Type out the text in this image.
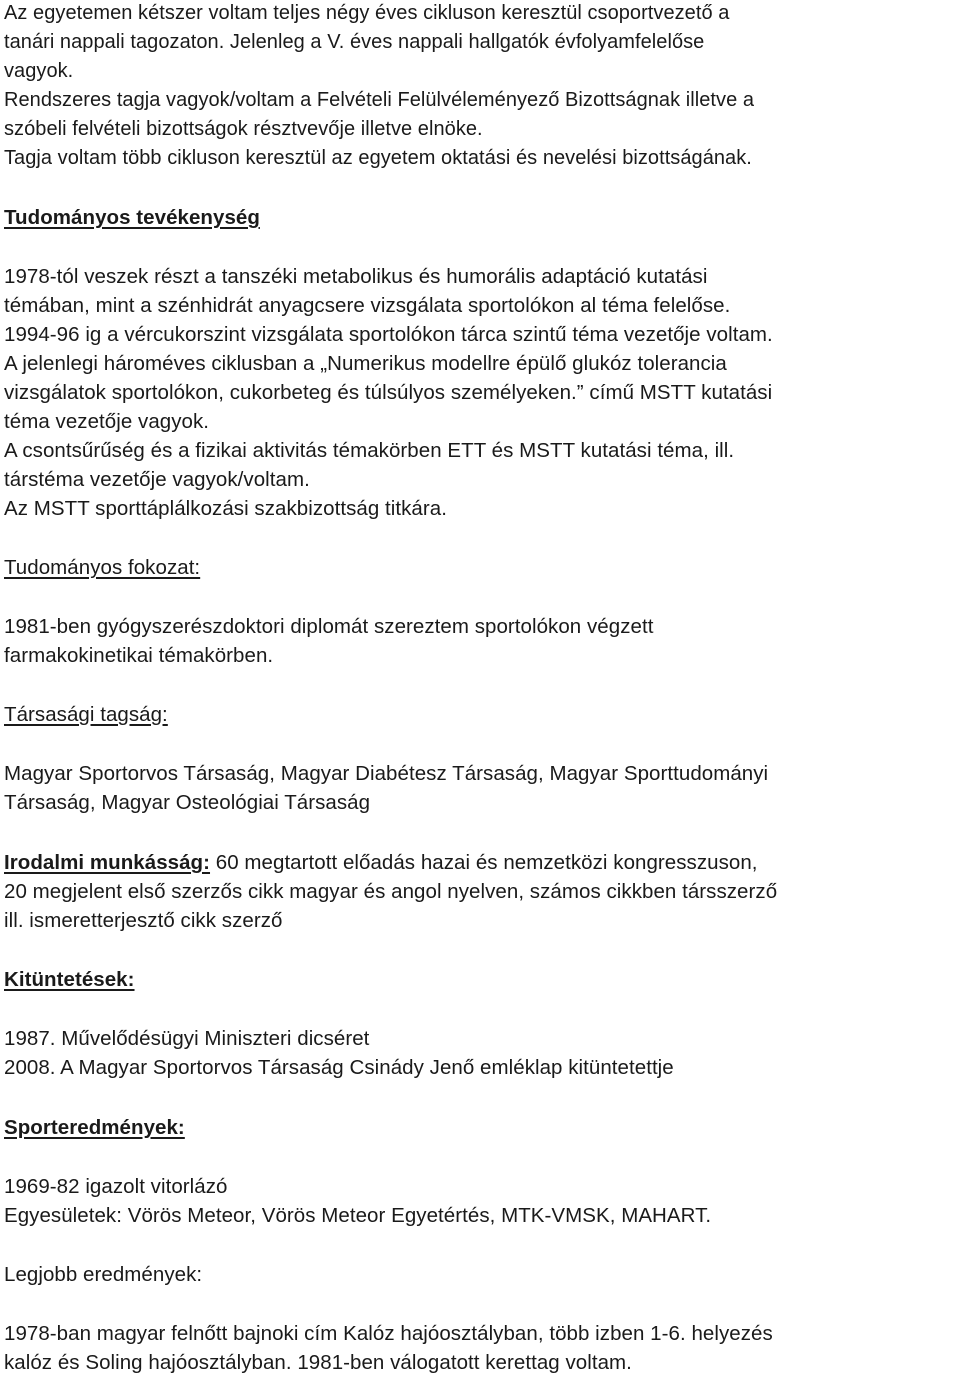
Az egyetemen kétszer voltam teljes négy éves cikluson keresztül csoportvezető a
tanári nappali tagozaton. Jelenleg a V. éves nappali hallgatók évfolyamfelelőse
vagyok.
Rendszeres tagja vagyok/voltam a Felvételi Felülvéleményező Bizottságnak illetve a
szóbeli felvételi bizottságok résztvevője illetve elnöke.
Tagja voltam több cikluson keresztül az egyetem oktatási és nevelési bizottságának.
Tudományos tevékenység
1978-tól veszek részt a tanszéki metabolikus és humorális adaptáció kutatási
témában, mint a szénhidrát anyagcsere vizsgálata sportolókon al téma felelőse.
1994-96 ig a vércukorszint vizsgálata sportolókon tárca szintű téma vezetője voltam.
A jelenlegi hároméves ciklusban a „Numerikus modellre épülő glukóz tolerancia
vizsgálatok sportolókon, cukorbeteg és túlsúlyos személyeken.” című MSTT kutatási
téma vezetője vagyok.
A csontsűrűség és a fizikai aktivitás témakörben ETT és MSTT kutatási téma, ill.
társtéma vezetője vagyok/voltam.
Az MSTT sporttáplálkozási szakbizottság titkára.
Tudományos fokozat:
1981-ben gyógyszerészdoktori diplomát szereztem sportolókon végzett
farmakokinetikai témakörben.
Társasági tagság:
Magyar Sportorvos Társaság, Magyar Diabétesz Társaság, Magyar Sporttudományi
Társaság, Magyar Osteológiai Társaság
Irodalmi munkásság: 60 megtartott előadás hazai és nemzetközi kongresszuson,
20 megjelent első szerzős cikk magyar és angol nyelven, számos cikkben társszerző
ill. ismeretterjesztő cikk szerző
Kitüntetések:
1987. Művelődésügyi Miniszteri dicséret
2008. A Magyar Sportorvos Társaság Csinády Jenő emléklap kitüntetettje
Sporteredmények:
1969-82 igazolt vitorlázó
Egyesületek: Vörös Meteor, Vörös Meteor Egyetértés, MTK-VMSK, MAHART.
Legjobb eredmények:
1978-ban magyar felnőtt bajnoki cím Kalóz hajóosztályban, több izben 1-6. helyezés
kalóz és Soling hajóosztályban. 1981-ben válogatott kerettag voltam.
